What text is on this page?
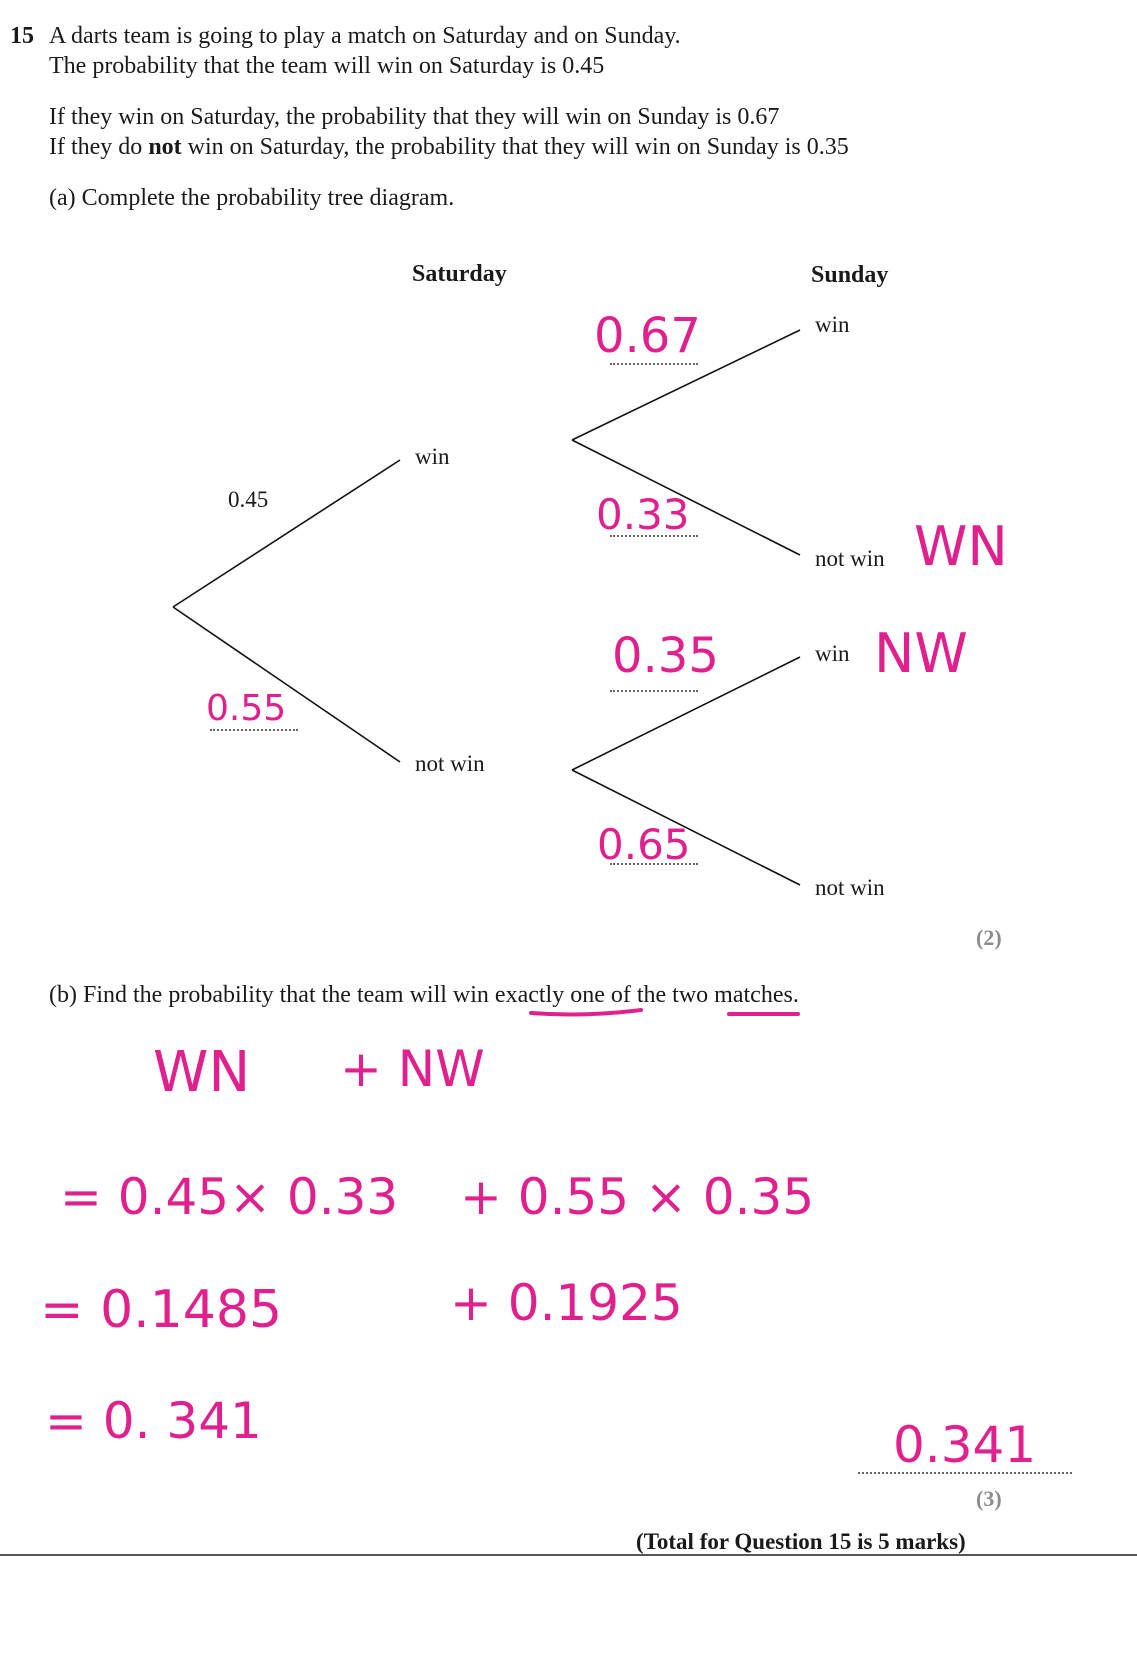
15 A darts team is going to play a match on Saturday and on Sunday.
The probability that the team will win on Saturday is 0.45
If they win on Saturday, the probability that they will win on Sunday is 0.67
If they do not win on Saturday, the probability that they will win on Sunday is 0.35
(a) Complete the probability tree diagram.
Saturday	Sunday
win
not win
0.45
win
not win
win
not win
0.55
0.67
0.33
0.35
0.65
WN
NW
(2)
(b) Find the probability that the team will win exactly one of the two matches.
WN + NW
= 0.45× 0.33 + 0.55 × 0.35
= 0.1485	+ 0.1925
= 0. 341	0.341
(3)
(Total for Question 15 is 5 marks)
